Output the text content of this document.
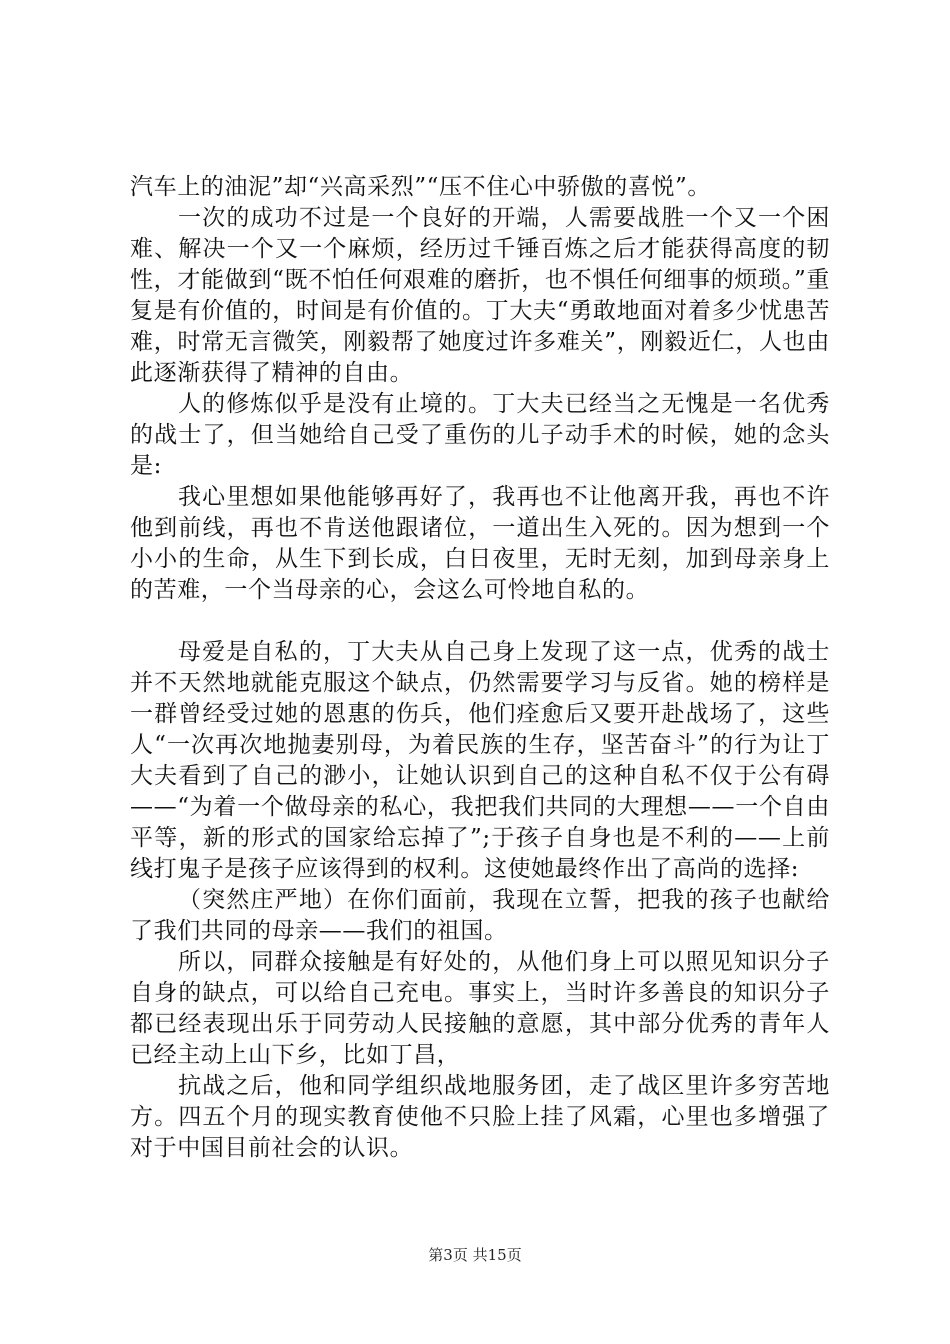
汽车上的油泥”却“兴高采烈”“压不住心中骄傲的喜悦”。

一次的成功不过是一个良好的开端，人需要战胜一个又一个困难、解决一个又一个麻烦，经历过千锤百炼之后才能获得高度的韧性，才能做到“既不怕任何艰难的磨折，也不惧任何细事的烦琐。”重复是有价值的，时间是有价值的。丁大夫“勇敢地面对着多少忧患苦难，时常无言微笑，刚毅帮了她度过许多难关”，刚毅近仁，人也由此逐渐获得了精神的自由。

人的修炼似乎是没有止境的。丁大夫已经当之无愧是一名优秀的战士了，但当她给自己受了重伤的儿子动手术的时候，她的念头是:

我心里想如果他能够再好了，我再也不让他离开我，再也不许他到前线，再也不肯送他跟诸位，一道出生入死的。因为想到一个小小的生命，从生下到长成，白日夜里，无时无刻，加到母亲身上的苦难，一个当母亲的心，会这么可怜地自私的。

母爱是自私的，丁大夫从自己身上发现了这一点，优秀的战士并不天然地就能克服这个缺点，仍然需要学习与反省。她的榜样是一群曾经受过她的恩惠的伤兵，他们痊愈后又要开赴战场了，这些人“一次再次地抛妻别母，为着民族的生存，坚苦奋斗”的行为让丁大夫看到了自己的渺小，让她认识到自己的这种自私不仅于公有碍——“为着一个做母亲的私心，我把我们共同的大理想——一个自由平等，新的形式的国家给忘掉了”;于孩子自身也是不利的——上前线打鬼子是孩子应该得到的权利。这使她最终作出了高尚的选择:

（突然庄严地）在你们面前，我现在立誓，把我的孩子也献给了我们共同的母亲——我们的祖国。

所以，同群众接触是有好处的，从他们身上可以照见知识分子自身的缺点，可以给自己充电。事实上，当时许多善良的知识分子都已经表现出乐于同劳动人民接触的意愿，其中部分优秀的青年人已经主动上山下乡，比如丁昌，

抗战之后，他和同学组织战地服务团，走了战区里许多穷苦地方。四五个月的现实教育使他不只脸上挂了风霜，心里也多增强了对于中国目前社会的认识。

第3页 共15页
